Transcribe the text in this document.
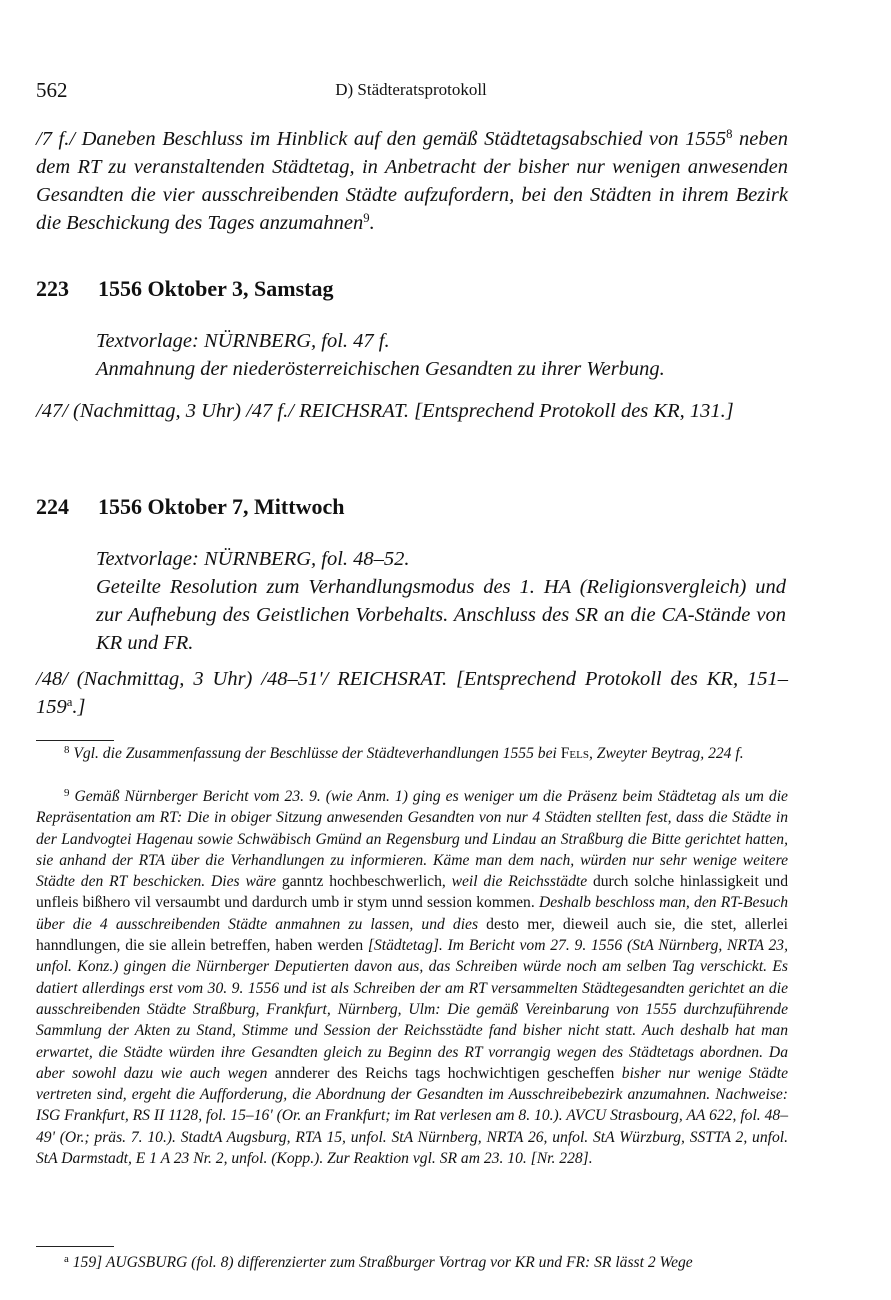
562	D) Städteratsprotokoll
/7 f./ Daneben Beschluss im Hinblick auf den gemäß Städtetagsabschied von 1555$^8$ neben dem RT zu veranstaltenden Städtetag, in Anbetracht der bisher nur wenigen anwesenden Gesandten die vier ausschreibenden Städte aufzufordern, bei den Städten in ihrem Bezirk die Beschickung des Tages anzumahnen$^9$.
223 1556 Oktober 3, Samstag
Textvorlage: NÜRNBERG, fol. 47 f.
Anmahnung der niederösterreichischen Gesandten zu ihrer Werbung.
/47/ (Nachmittag, 3 Uhr) /47 f./ REICHSRAT. [Entsprechend Protokoll des KR, 131.]
224 1556 Oktober 7, Mittwoch
Textvorlage: NÜRNBERG, fol. 48–52.
Geteilte Resolution zum Verhandlungsmodus des 1. HA (Religionsvergleich) und zur Aufhebung des Geistlichen Vorbehalts. Anschluss des SR an die CA-Stände von KR und FR.
/48/ (Nachmittag, 3 Uhr) /48–51'/ REICHSRAT. [Entsprechend Protokoll des KR, 151–159$^a$.]
$^8$ Vgl. die Zusammenfassung der Beschlüsse der Städteverhandlungen 1555 bei Fels, Zweyter Beytrag, 224 f.
$^9$ Gemäß Nürnberger Bericht vom 23. 9. (wie Anm. 1) ging es weniger um die Präsenz beim Städtetag als um die Repräsentation am RT: Die in obiger Sitzung anwesenden Gesandten von nur 4 Städten stellten fest, dass die Städte in der Landvogtei Hagenau sowie Schwäbisch Gmünd an Regensburg und Lindau an Straßburg die Bitte gerichtet hatten, sie anhand der RTA über die Verhandlungen zu informieren. Käme man dem nach, würden nur sehr wenige weitere Städte den RT beschicken. Dies wäre ganntz hochbeschwerlich, weil die Reichsstädte durch solche hinlassigkeit und unfleis bißhero vil versaumbt und dardurch umb ir stym unnd session kommen. Deshalb beschloss man, den RT-Besuch über die 4 ausschreibenden Städte anmahnen zu lassen, und dies desto mer, dieweil auch sie, die stet, allerlei hanndlungen, die sie allein betreffen, haben werden [Städtetag]. Im Bericht vom 27. 9. 1556 (StA Nürnberg, NRTA 23, unfol. Konz.) gingen die Nürnberger Deputierten davon aus, das Schreiben würde noch am selben Tag verschickt. Es datiert allerdings erst vom 30. 9. 1556 und ist als Schreiben der am RT versammelten Städtegesandten gerichtet an die ausschreibenden Städte Straßburg, Frankfurt, Nürnberg, Ulm: Die gemäß Vereinbarung von 1555 durchzuführende Sammlung der Akten zu Stand, Stimme und Session der Reichsstädte fand bisher nicht statt. Auch deshalb hat man erwartet, die Städte würden ihre Gesandten gleich zu Beginn des RT vorrangig wegen des Städtetags abordnen. Da aber sowohl dazu wie auch wegen annderer des Reichs tags hochwichtigen gescheffen bisher nur wenige Städte vertreten sind, ergeht die Aufforderung, die Abordnung der Gesandten im Ausschreibebezirk anzumahnen. Nachweise: ISG Frankfurt, RS II 1128, fol. 15–16' (Or. an Frankfurt; im Rat verlesen am 8. 10.). AVCU Strasbourg, AA 622, fol. 48–49' (Or.; präs. 7. 10.). StadtA Augsburg, RTA 15, unfol. StA Nürnberg, NRTA 26, unfol. StA Würzburg, SSTTA 2, unfol. StA Darmstadt, E 1 A 23 Nr. 2, unfol. (Kopp.). Zur Reaktion vgl. SR am 23. 10. [Nr. 228].
$^a$ 159] AUGSBURG (fol. 8) differenzierter zum Straßburger Vortrag vor KR und FR: SR lässt 2 Wege
